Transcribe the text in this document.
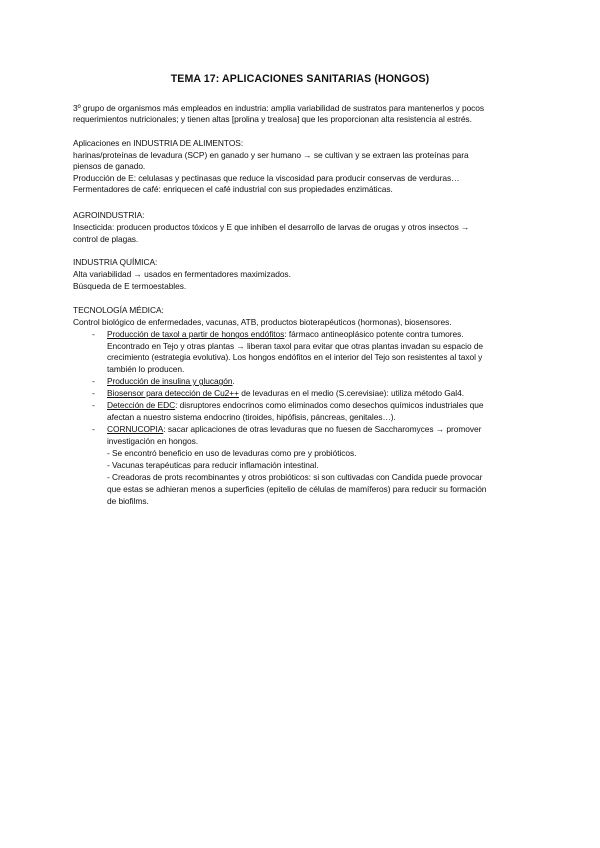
TEMA 17: APLICACIONES SANITARIAS (HONGOS)
3º grupo de organismos más empleados en industria: amplia variabilidad de sustratos para mantenerlos y pocos
requerimientos nutricionales; y tienen altas [prolina y trealosa] que les proporcionan alta resistencia al estrés.
Aplicaciones en INDUSTRIA DE ALIMENTOS:
harinas/proteínas de levadura (SCP) en ganado y ser humano → se cultivan y se extraen las proteínas para
piensos de ganado.
Producción de E: celulasas y pectinasas que reduce la viscosidad para producir conservas de verduras…
Fermentadores de café: enriquecen el café industrial con sus propiedades enzimáticas.
AGROINDUSTRIA:
Insecticida: producen productos tóxicos y E que inhiben el desarrollo de larvas de orugas y otros insectos →
control de plagas.
INDUSTRIA QUÍMICA:
Alta variabilidad → usados en fermentadores maximizados.
Búsqueda de E termoestables.
TECNOLOGÍA MÉDICA:
Control biológico de enfermedades, vacunas, ATB, productos bioterapéuticos (hormonas), biosensores.
- Producción de taxol a partir de hongos endófitos: fármaco antineoplásico potente contra tumores.
Encontrado en Tejo y otras plantas → liberan taxol para evitar que otras plantas invadan su espacio de
crecimiento (estrategia evolutiva). Los hongos endófitos en el interior del Tejo son resistentes al taxol y
también lo producen.
- Producción de insulina y glucagón.
- Biosensor para detección de Cu2++ de levaduras en el medio (S.cerevisiae): utiliza método Gal4.
- Detección de EDC: disruptores endocrinos como eliminados como desechos químicos industriales que
afectan a nuestro sistema endocrino (tiroides, hipófisis, páncreas, genitales…).
- CORNUCOPIA: sacar aplicaciones de otras levaduras que no fuesen de Saccharomyces → promover
investigación en hongos.
- Se encontró beneficio en uso de levaduras como pre y probióticos.
- Vacunas terapéuticas para reducir inflamación intestinal.
- Creadoras de prots recombinantes y otros probióticos: si son cultivadas con Candida puede provocar
que estas se adhieran menos a superficies (epitelio de células de mamíferos) para reducir su formación
de biofilms.
